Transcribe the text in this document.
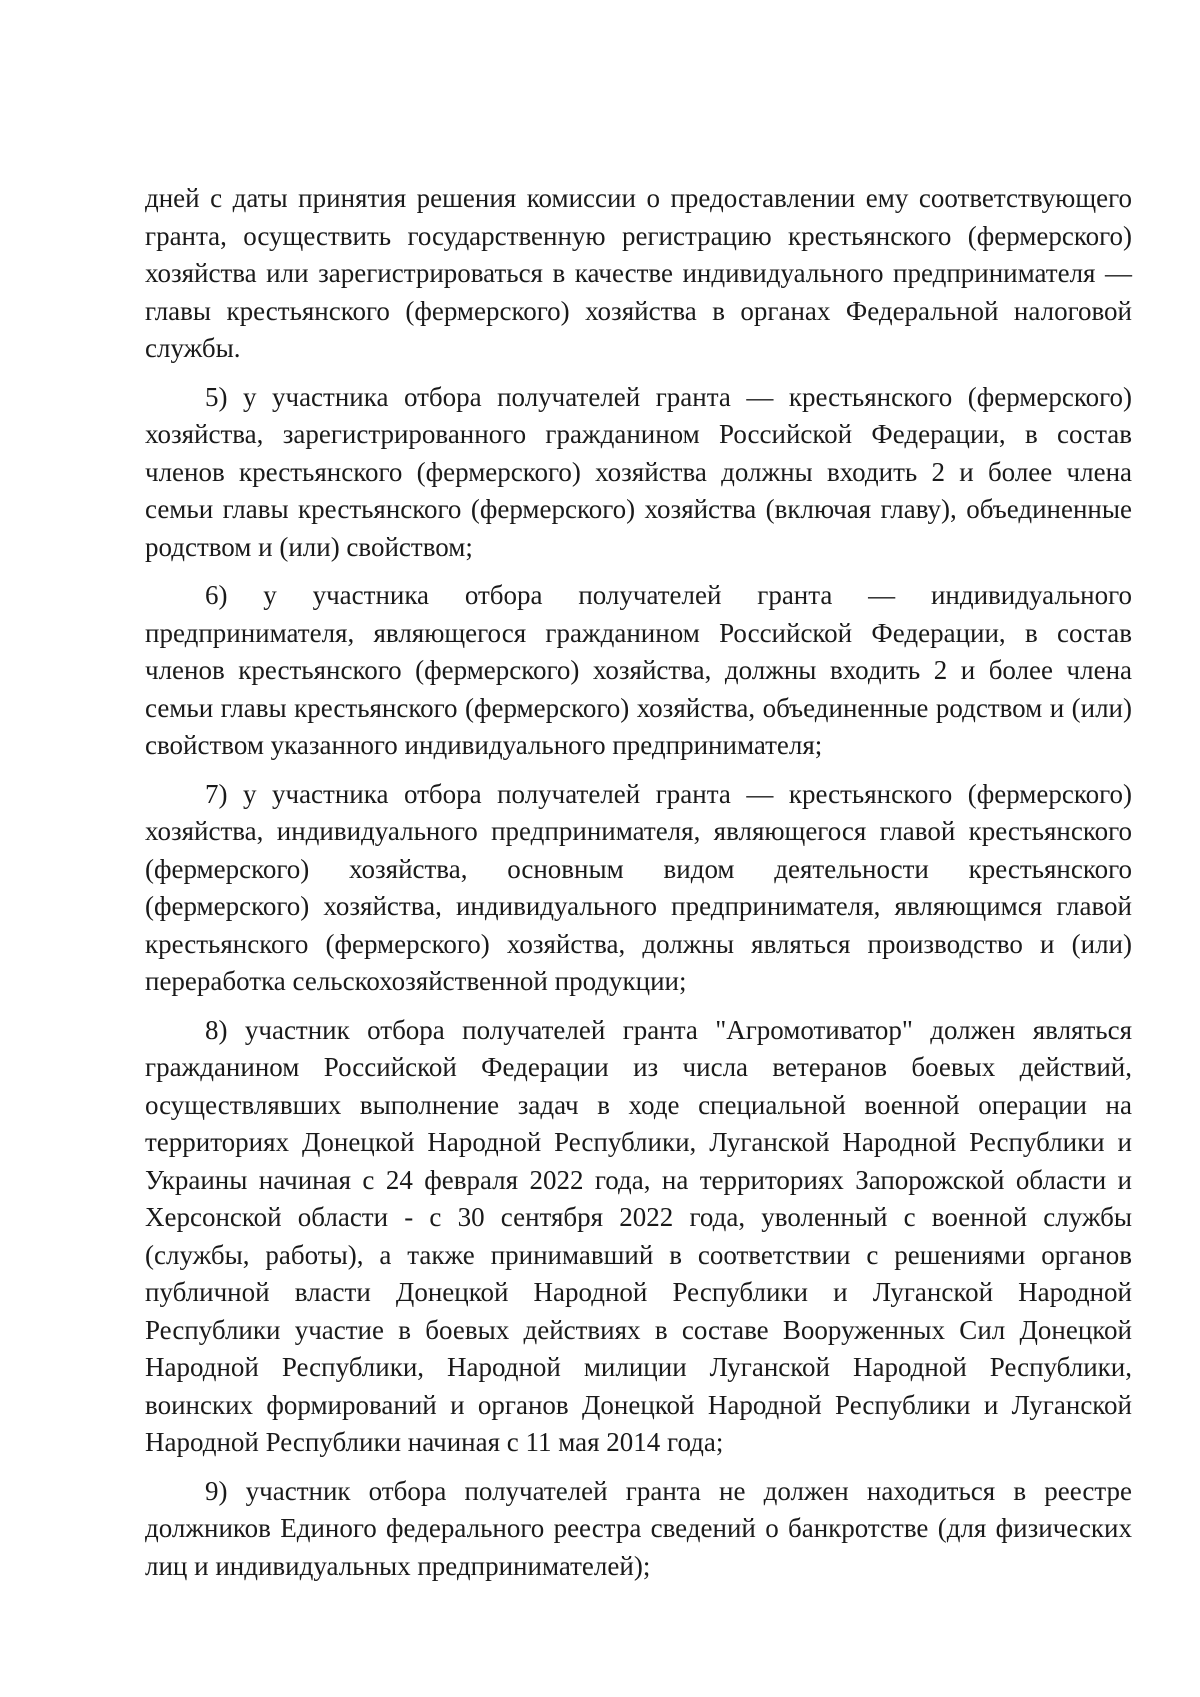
дней с даты принятия решения комиссии о предоставлении ему соответствующего гранта, осуществить государственную регистрацию крестьянского (фермерского) хозяйства или зарегистрироваться в качестве индивидуального предпринимателя — главы крестьянского (фермерского) хозяйства в органах Федеральной налоговой службы.

5) у участника отбора получателей гранта — крестьянского (фермерского) хозяйства, зарегистрированного гражданином Российской Федерации, в состав членов крестьянского (фермерского) хозяйства должны входить 2 и более члена семьи главы крестьянского (фермерского) хозяйства (включая главу), объединенные родством и (или) свойством;

6) у участника отбора получателей гранта — индивидуального предпринимателя, являющегося гражданином Российской Федерации, в состав членов крестьянского (фермерского) хозяйства, должны входить 2 и более члена семьи главы крестьянского (фермерского) хозяйства, объединенные родством и (или) свойством указанного индивидуального предпринимателя;

7) у участника отбора получателей гранта — крестьянского (фермерского) хозяйства, индивидуального предпринимателя, являющегося главой крестьянского (фермерского) хозяйства, основным видом деятельности крестьянского (фермерского) хозяйства, индивидуального предпринимателя, являющимся главой крестьянского (фермерского) хозяйства, должны являться производство и (или) переработка сельскохозяйственной продукции;

8) участник отбора получателей гранта "Агромотиватор" должен являться гражданином Российской Федерации из числа ветеранов боевых действий, осуществлявших выполнение задач в ходе специальной военной операции на территориях Донецкой Народной Республики, Луганской Народной Республики и Украины начиная с 24 февраля 2022 года, на территориях Запорожской области и Херсонской области - с 30 сентября 2022 года, уволенный с военной службы (службы, работы), а также принимавший в соответствии с решениями органов публичной власти Донецкой Народной Республики и Луганской Народной Республики участие в боевых действиях в составе Вооруженных Сил Донецкой Народной Республики, Народной милиции Луганской Народной Республики, воинских формирований и органов Донецкой Народной Республики и Луганской Народной Республики начиная с 11 мая 2014 года;

9) участник отбора получателей гранта не должен находиться в реестре должников Единого федерального реестра сведений о банкротстве (для физических лиц и индивидуальных предпринимателей);
